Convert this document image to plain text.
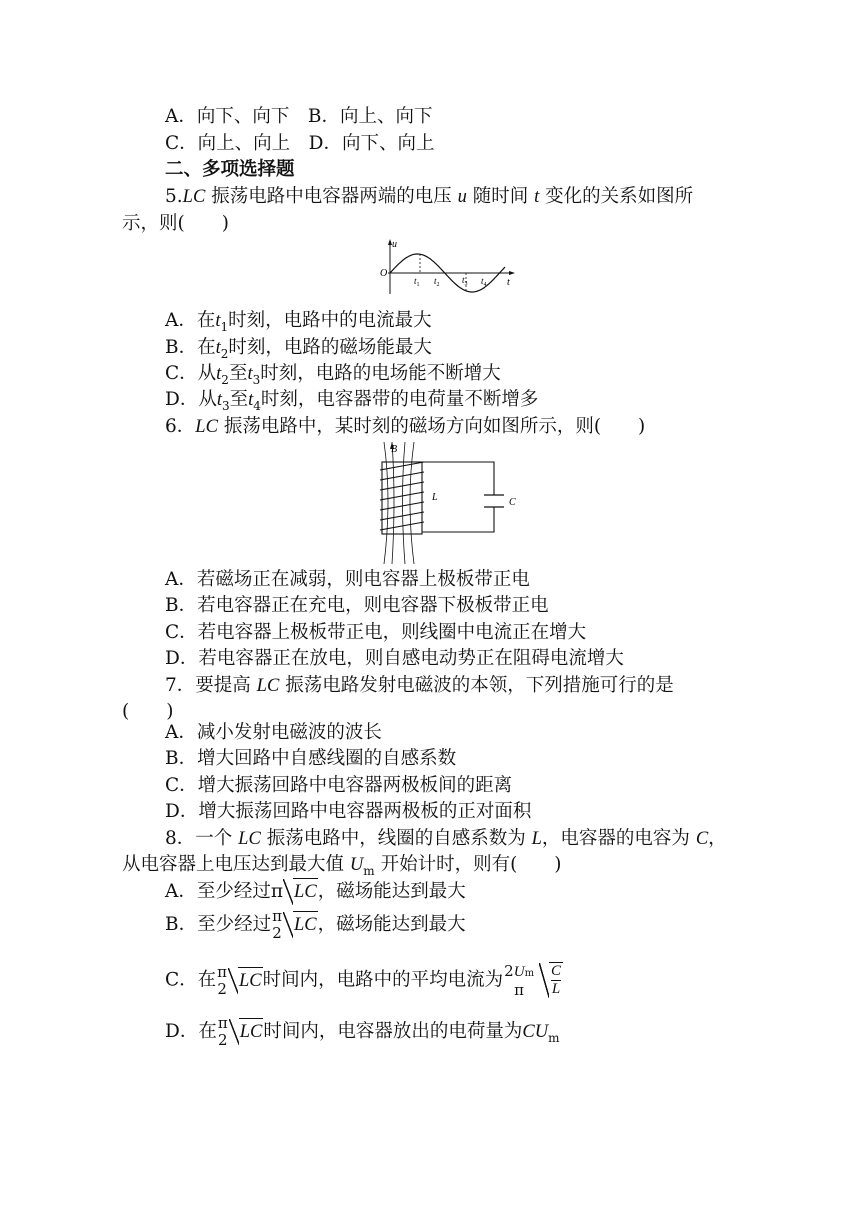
A．向下、向下　B．向上、向下
C．向上、向上　D．向下、向上
二、多项选择题
5.LC 振荡电路中电容器两端的电压 u 随时间 t 变化的关系如图所
示，则(　　)
u
O
t
$t_1$ $t_2$ $t_3$ $t_4$
A．在$t_1$时刻，电路中的电流最大
B．在$t_2$时刻，电路的磁场能最大
C．从$t_2$至$t_3$时刻，电路的电场能不断增大
D．从$t_3$至$t_4$时刻，电容器带的电荷量不断增多
6．LC 振荡电路中，某时刻的磁场方向如图所示，则(　　)
B
L	C
A．若磁场正在减弱，则电容器上极板带正电
B．若电容器正在充电，则电容器下极板带正电
C．若电容器上极板带正电，则线圈中电流正在增大
D．若电容器正在放电，则自感电动势正在阻碍电流增大
7．要提高 LC 振荡电路发射电磁波的本领，下列措施可行的是
(　　)
A．减小发射电磁波的波长
B．增大回路中自感线圈的自感系数
C．增大振荡回路中电容器两极板间的距离
D．增大振荡回路中电容器两极板的正对面积
8．一个 LC 振荡电路中，线圈的自感系数为 L，电容器的电容为 C，
从电容器上电压达到最大值 $U_m$ 开始计时，则有(　　)
A．至少经过π LC，磁场能达到最大
B．至少经过 π
2 LC，磁场能达到最大
C．在 π
2 LC时间内，电路中的平均电流为 2Um
π	$\frac{C}{L}$
D．在 π
2 LC时间内，电容器放出的电荷量为$CU_m$
